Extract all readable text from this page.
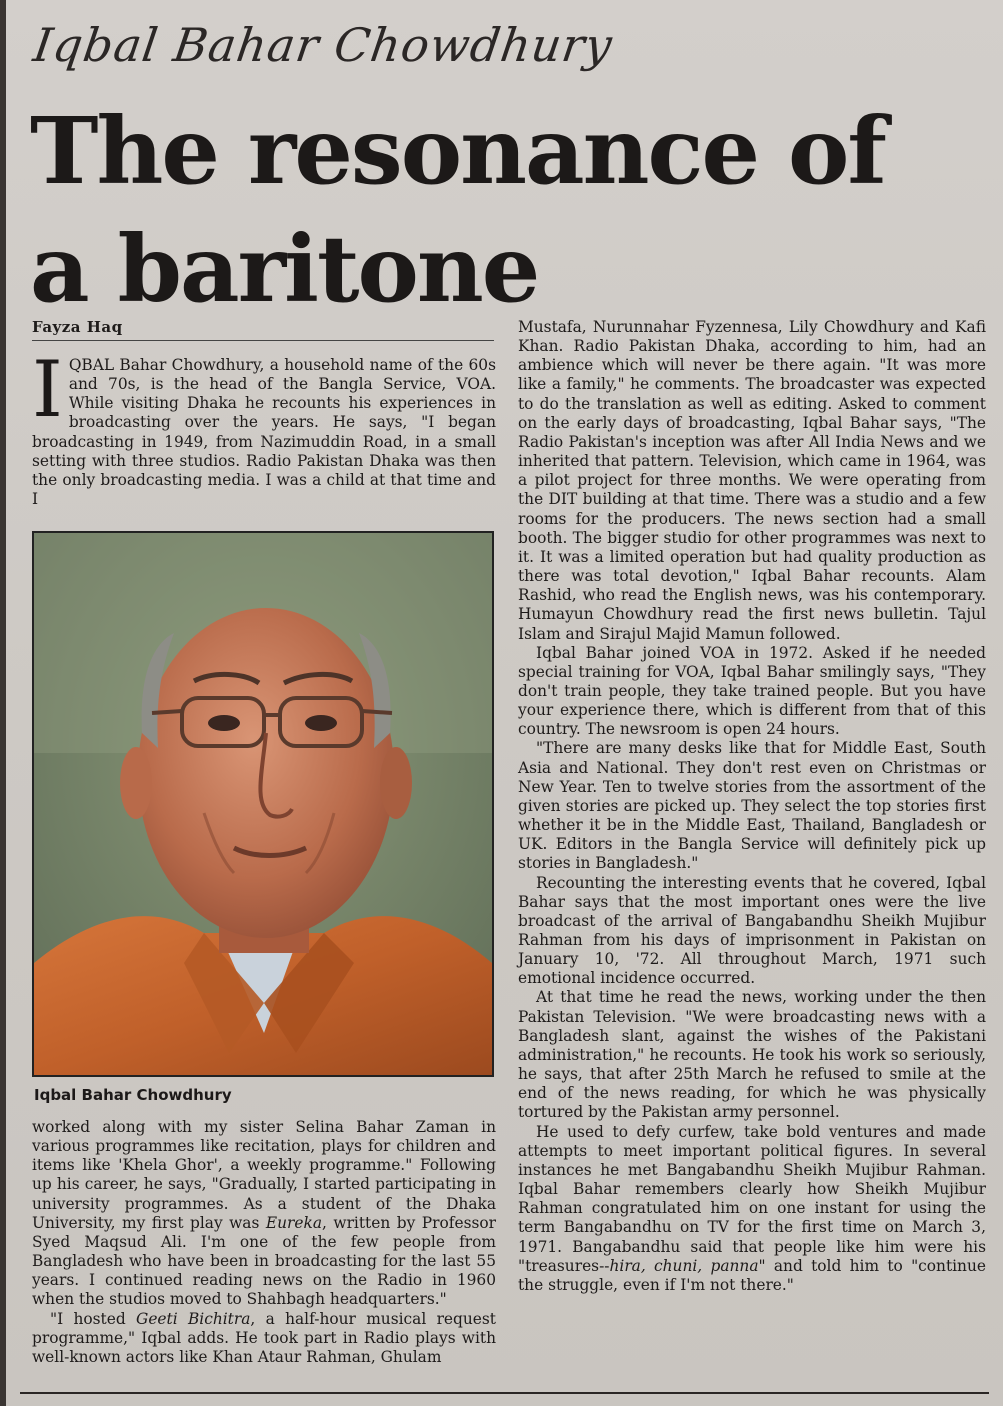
Iqbal Bahar Chowdhury
The resonance of
a baritone
Fayza Haq

IQBAL Bahar Chowdhury, a household name of the 60s and 70s, is the head of the Bangla Service, VOA. While visiting Dhaka he recounts his experiences in broadcasting over the years. He says, "I began broadcasting in 1949, from Nazimuddin Road, in a small setting with three studios. Radio Pakistan Dhaka was then the only broadcasting media. I was a child at that time and I

Iqbal Bahar Chowdhury

worked along with my sister Selina Bahar Zaman in various programmes like recitation, plays for children and items like 'Khela Ghor', a weekly programme." Following up his career, he says, "Gradually, I started participating in university programmes. As a student of the Dhaka University, my first play was Eureka, written by Professor Syed Maqsud Ali. I'm one of the few people from Bangladesh who have been in broadcasting for the last 55 years. I continued reading news on the Radio in 1960 when the studios moved to Shahbagh headquarters."

"I hosted Geeti Bichitra, a half-hour musical request programme," Iqbal adds. He took part in Radio plays with well-known actors like Khan Ataur Rahman, Ghulam

Mustafa, Nurunnahar Fyzennesa, Lily Chowdhury and Kafi Khan. Radio Pakistan Dhaka, according to him, had an ambience which will never be there again. "It was more like a family," he comments. The broadcaster was expected to do the translation as well as editing. Asked to comment on the early days of broadcasting, Iqbal Bahar says, "The Radio Pakistan's inception was after All India News and we inherited that pattern. Television, which came in 1964, was a pilot project for three months. We were operating from the DIT building at that time. There was a studio and a few rooms for the producers. The news section had a small booth. The bigger studio for other programmes was next to it. It was a limited operation but had quality production as there was total devotion," Iqbal Bahar recounts. Alam Rashid, who read the English news, was his contemporary. Humayun Chowdhury read the first news bulletin. Tajul Islam and Sirajul Majid Mamun followed.

Iqbal Bahar joined VOA in 1972. Asked if he needed special training for VOA, Iqbal Bahar smilingly says, "They don't train people, they take trained people. But you have your experience there, which is different from that of this country. The newsroom is open 24 hours.

"There are many desks like that for Middle East, South Asia and National. They don't rest even on Christmas or New Year. Ten to twelve stories from the assortment of the given stories are picked up. They select the top stories first whether it be in the Middle East, Thailand, Bangladesh or UK. Editors in the Bangla Service will definitely pick up stories in Bangladesh."

Recounting the interesting events that he covered, Iqbal Bahar says that the most important ones were the live broadcast of the arrival of Bangabandhu Sheikh Mujibur Rahman from his days of imprisonment in Pakistan on January 10, '72. All throughout March, 1971 such emotional incidence occurred.

At that time he read the news, working under the then Pakistan Television. "We were broadcasting news with a Bangladesh slant, against the wishes of the Pakistani administration," he recounts. He took his work so seriously, he says, that after 25th March he refused to smile at the end of the news reading, for which he was physically tortured by the Pakistan army personnel.

He used to defy curfew, take bold ventures and made attempts to meet important political figures. In several instances he met Bangabandhu Sheikh Mujibur Rahman. Iqbal Bahar remembers clearly how Sheikh Mujibur Rahman congratulated him on one instant for using the term Bangabandhu on TV for the first time on March 3, 1971. Bangabandhu said that people like him were his "treasures--hira, chuni, panna" and told him to "continue the struggle, even if I'm not there."
